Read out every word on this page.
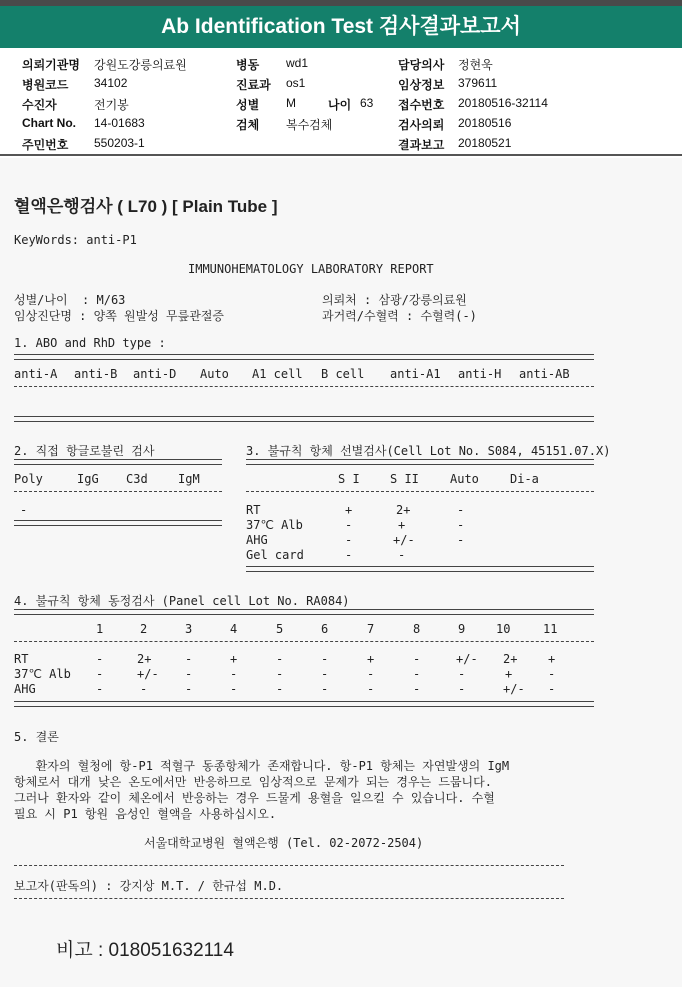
Ab Identification Test 검사결과보고서
의뢰기관명 강원도강릉의료원
병원코드 34102
수진자	전기봉
Chart No. 14-01683
주민번호 550203-1
병동 wd1
진료과 os1
성별 M	나이 63
검체 복수검체
담당의사 정현욱
임상정보 379611
접수번호 20180516-32114
검사의뢰 20180516
결과보고 20180521
혈액은행검사 ( L70 ) [ Plain Tube ]
KeyWords: anti-P1
IMMUNOHEMATOLOGY LABORATORY REPORT
성별/나이  : M/63
임상진단명 : 양쪽 원발성 무릎관절증
의뢰처 : 삼광/강릉의료원
과거력/수혈력 : 수혈력(-)
1. ABO and RhD type :
anti-A anti-B anti-D Auto A1 cell B cell anti-A1 anti-H anti-AB
2. 직접 항글로불린 검사
Poly	IgG C3d	IgM
-
3. 불규칙 항체 선별검사(Cell Lot No. S084, 45151.07.X)
S I	S II	Auto	Di-a
RT	+	2+	-
37℃ Alb	-	+	-
AHG	-	+/-	-
Gel card	-	-
4. 불규칙 항체 동정검사 (Panel cell Lot No. RA084)
1	2	3	4	5	6	7	8	9	10	11
RT	-	2+	-	+	-	-	+	-	+/- 2+	+
37℃ Alb -	+/- -	-	-	-	-	-	-	+	-
AHG	-	-	-	-	-	-	-	-	-	+/- -
5. 결론
환자의 혈청에 항-P1 적혈구 동종항체가 존재합니다. 항-P1 항체는 자연발생의 IgM
항체로서 대개 낮은 온도에서만 반응하므로 임상적으로 문제가 되는 경우는 드뭅니다.
그러나 환자와 같이 체온에서 반응하는 경우 드물게 용혈을 일으킬 수 있습니다. 수혈
필요 시 P1 항원 음성인 혈액을 사용하십시오.
서울대학교병원 혈액은행 (Tel. 02-2072-2504)
보고자(판독의) : 강지상 M.T. / 한규섭 M.D.
비고 : 018051632114
